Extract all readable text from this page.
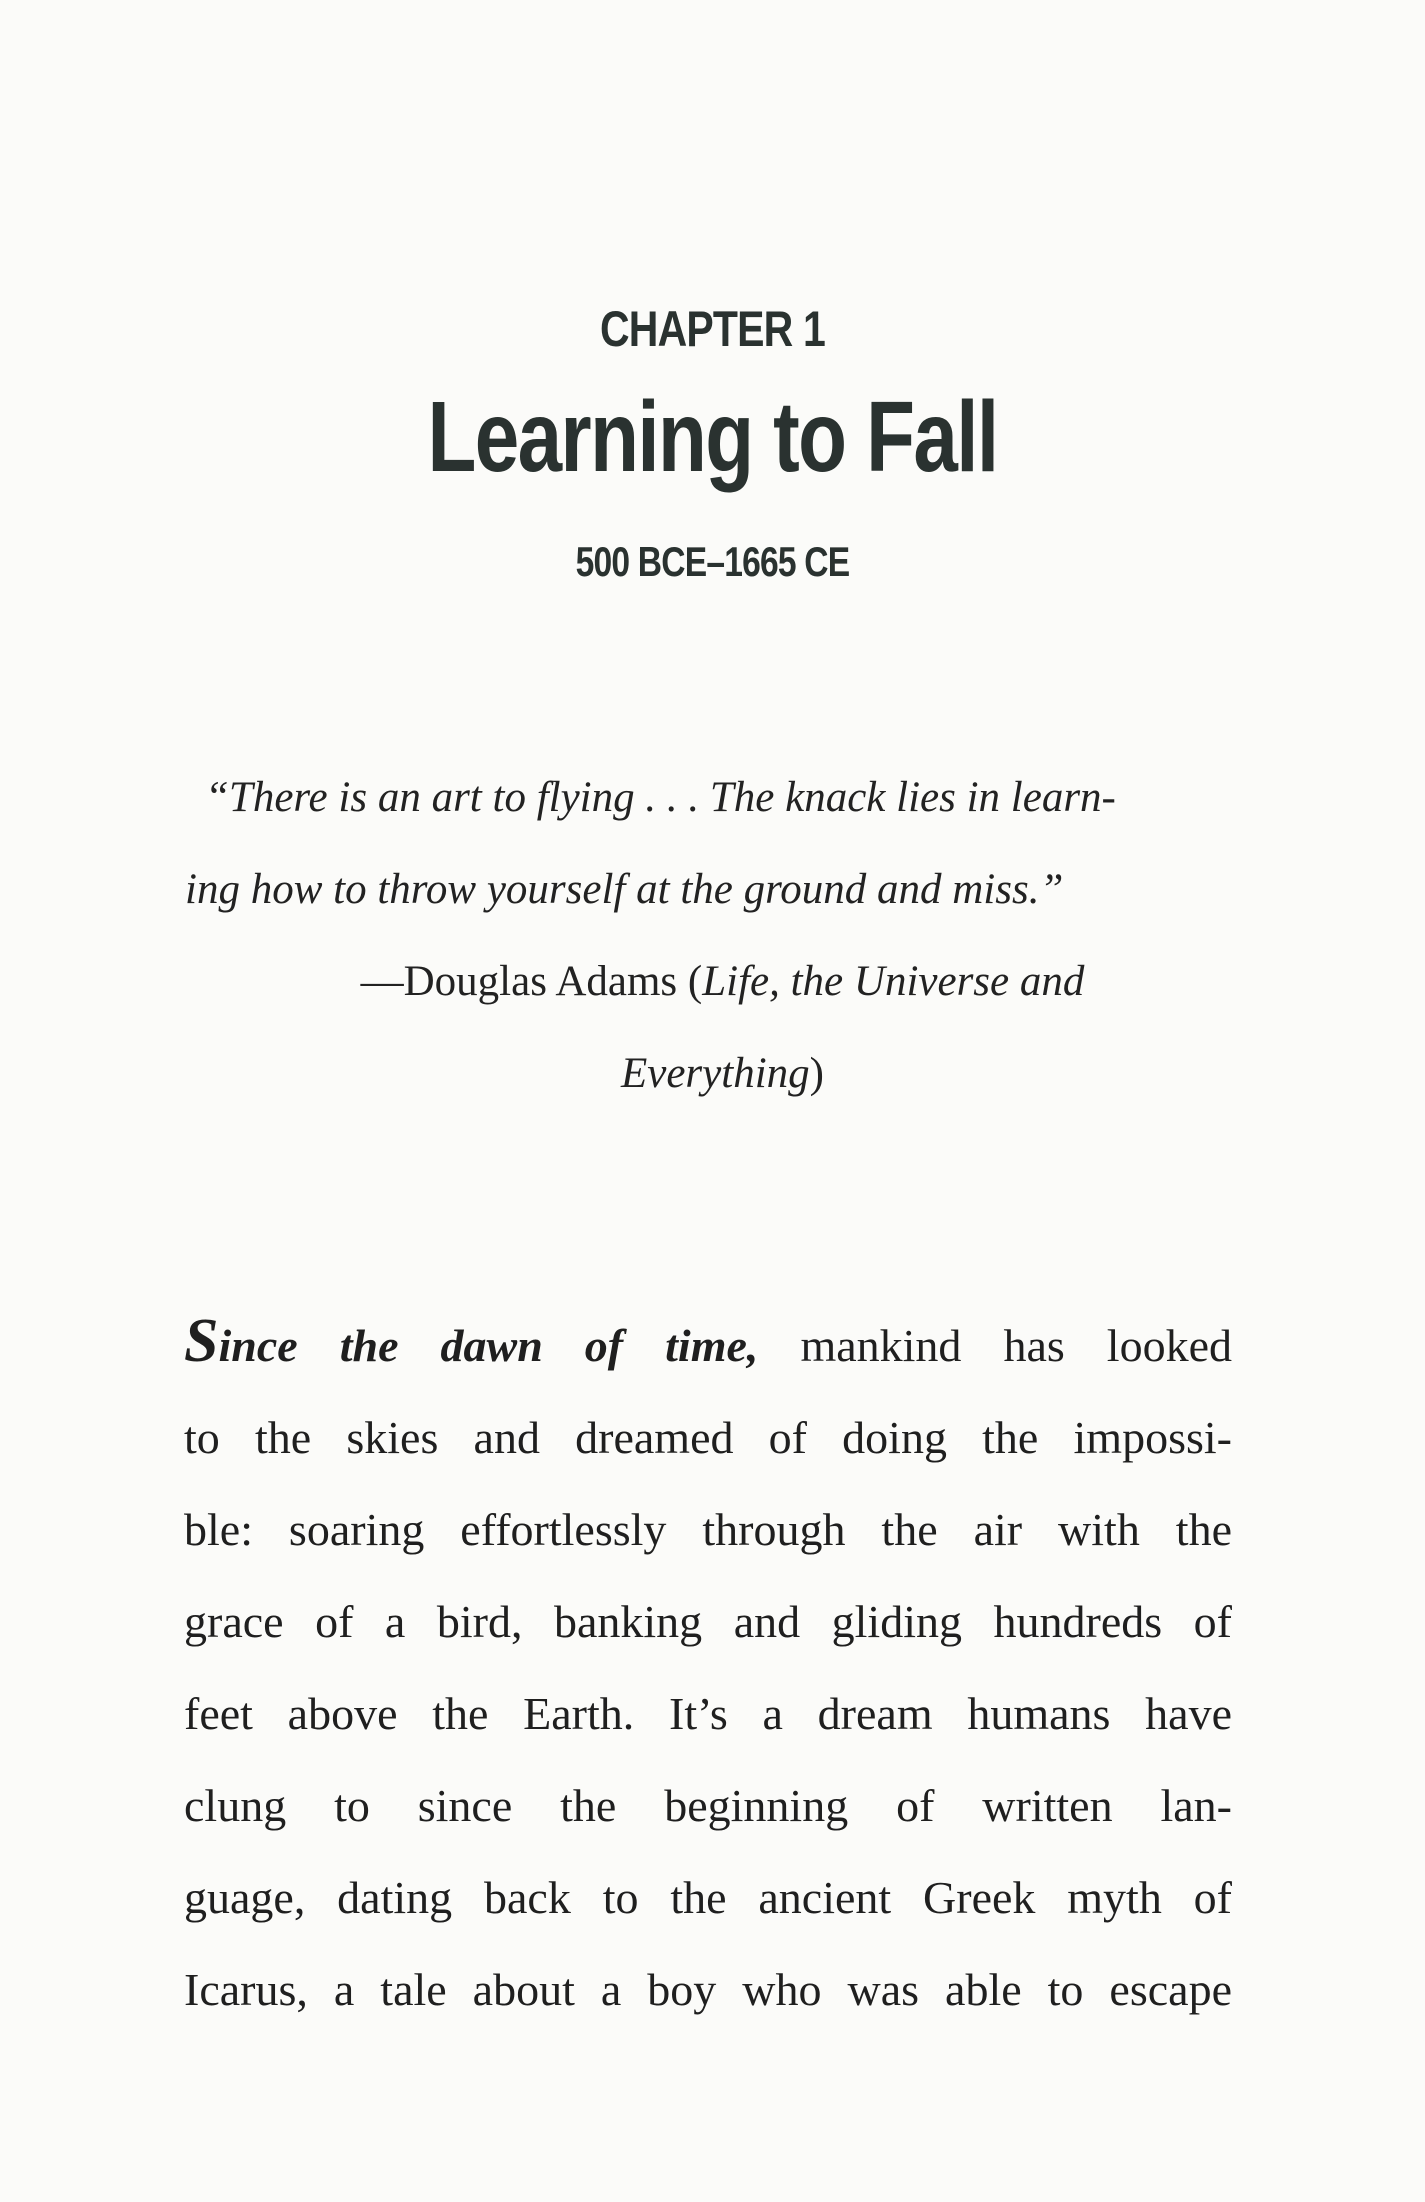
CHAPTER 1
Learning to Fall
500 BCE–1665 CE
“There is an art to flying . . . The knack lies in learn-
ing how to throw yourself at the ground and miss.”
—Douglas Adams (Life, the Universe and
Everything)
Since the dawn of time, mankind has looked
to the skies and dreamed of doing the impossi-
ble: soaring effortlessly through the air with the
grace of a bird, banking and gliding hundreds of
feet above the Earth. It’s a dream humans have
clung to since the beginning of written lan-
guage, dating back to the ancient Greek myth of
Icarus, a tale about a boy who was able to escape
